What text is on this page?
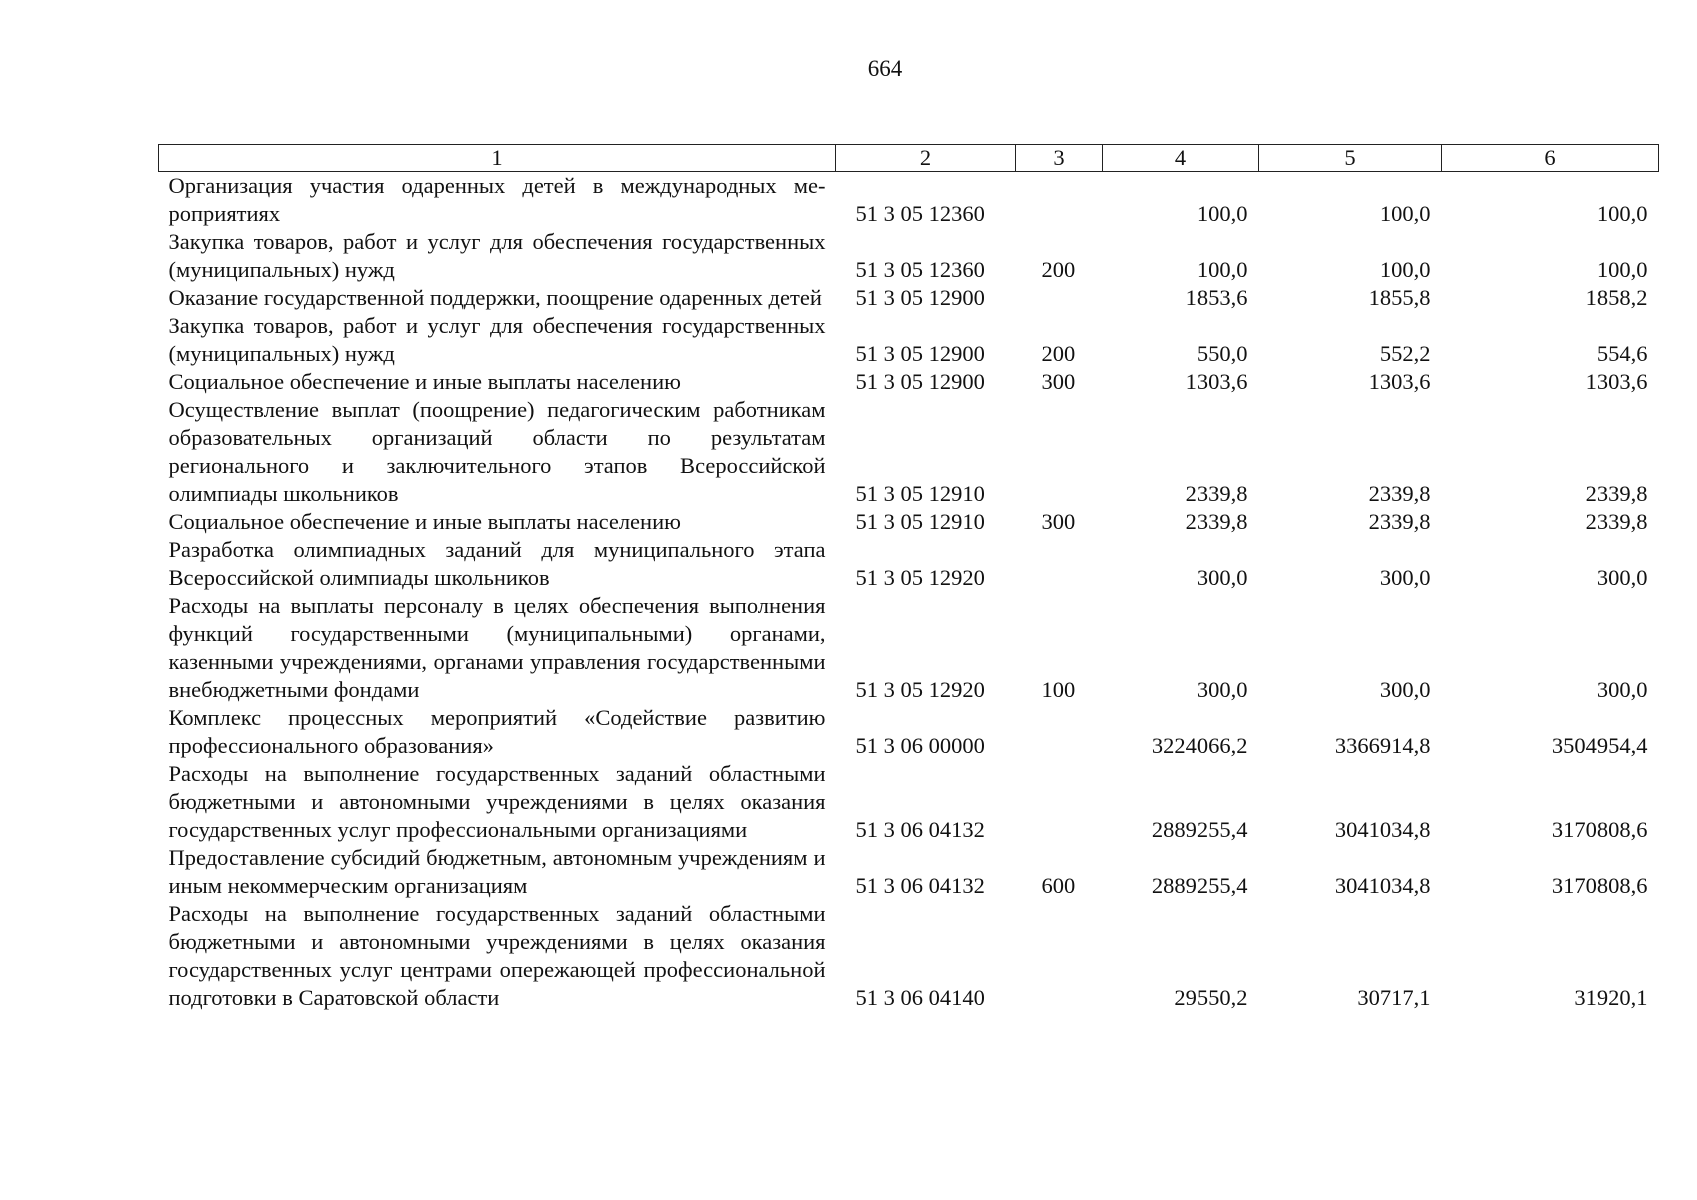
664
1	2	3	4	5	6
Организация участия одаренных детей в международных мероприятиях	51 3 05 12360		100,0	100,0	100,0
Закупка товаров, работ и услуг для обеспечения государственных (муниципальных) нужд	51 3 05 12360	200	100,0	100,0	100,0
Оказание государственной поддержки, поощрение одаренных детей	51 3 05 12900		1853,6	1855,8	1858,2
Закупка товаров, работ и услуг для обеспечения государственных (муниципальных) нужд	51 3 05 12900	200	550,0	552,2	554,6
Социальное обеспечение и иные выплаты населению	51 3 05 12900	300	1303,6	1303,6	1303,6
Осуществление выплат (поощрение) педагогическим работникам образовательных организаций области по результатам регионального и заключительного этапов Всероссийской олимпиады школьников	51 3 05 12910		2339,8	2339,8	2339,8
Социальное обеспечение и иные выплаты населению	51 3 05 12910	300	2339,8	2339,8	2339,8
Разработка олимпиадных заданий для муниципального этапа Всероссийской олимпиады школьников	51 3 05 12920		300,0	300,0	300,0
Расходы на выплаты персоналу в целях обеспечения выполнения функций государственными (муниципальными) органами, казенными учреждениями, органами управления государственными внебюджетными фондами	51 3 05 12920	100	300,0	300,0	300,0
Комплекс процессных мероприятий «Содействие развитию профессионального образования»	51 3 06 00000		3224066,2	3366914,8	3504954,4
Расходы на выполнение государственных заданий областными бюджетными и автономными учреждениями в целях оказания государственных услуг профессиональными организациями	51 3 06 04132		2889255,4	3041034,8	3170808,6
Предоставление субсидий бюджетным, автономным учреждениям и иным некоммерческим организациям	51 3 06 04132	600	2889255,4	3041034,8	3170808,6
Расходы на выполнение государственных заданий областными бюджетными и автономными учреждениями в целях оказания государственных услуг центрами опережающей профессиональной подготовки в Саратовской области	51 3 06 04140		29550,2	30717,1	31920,1
